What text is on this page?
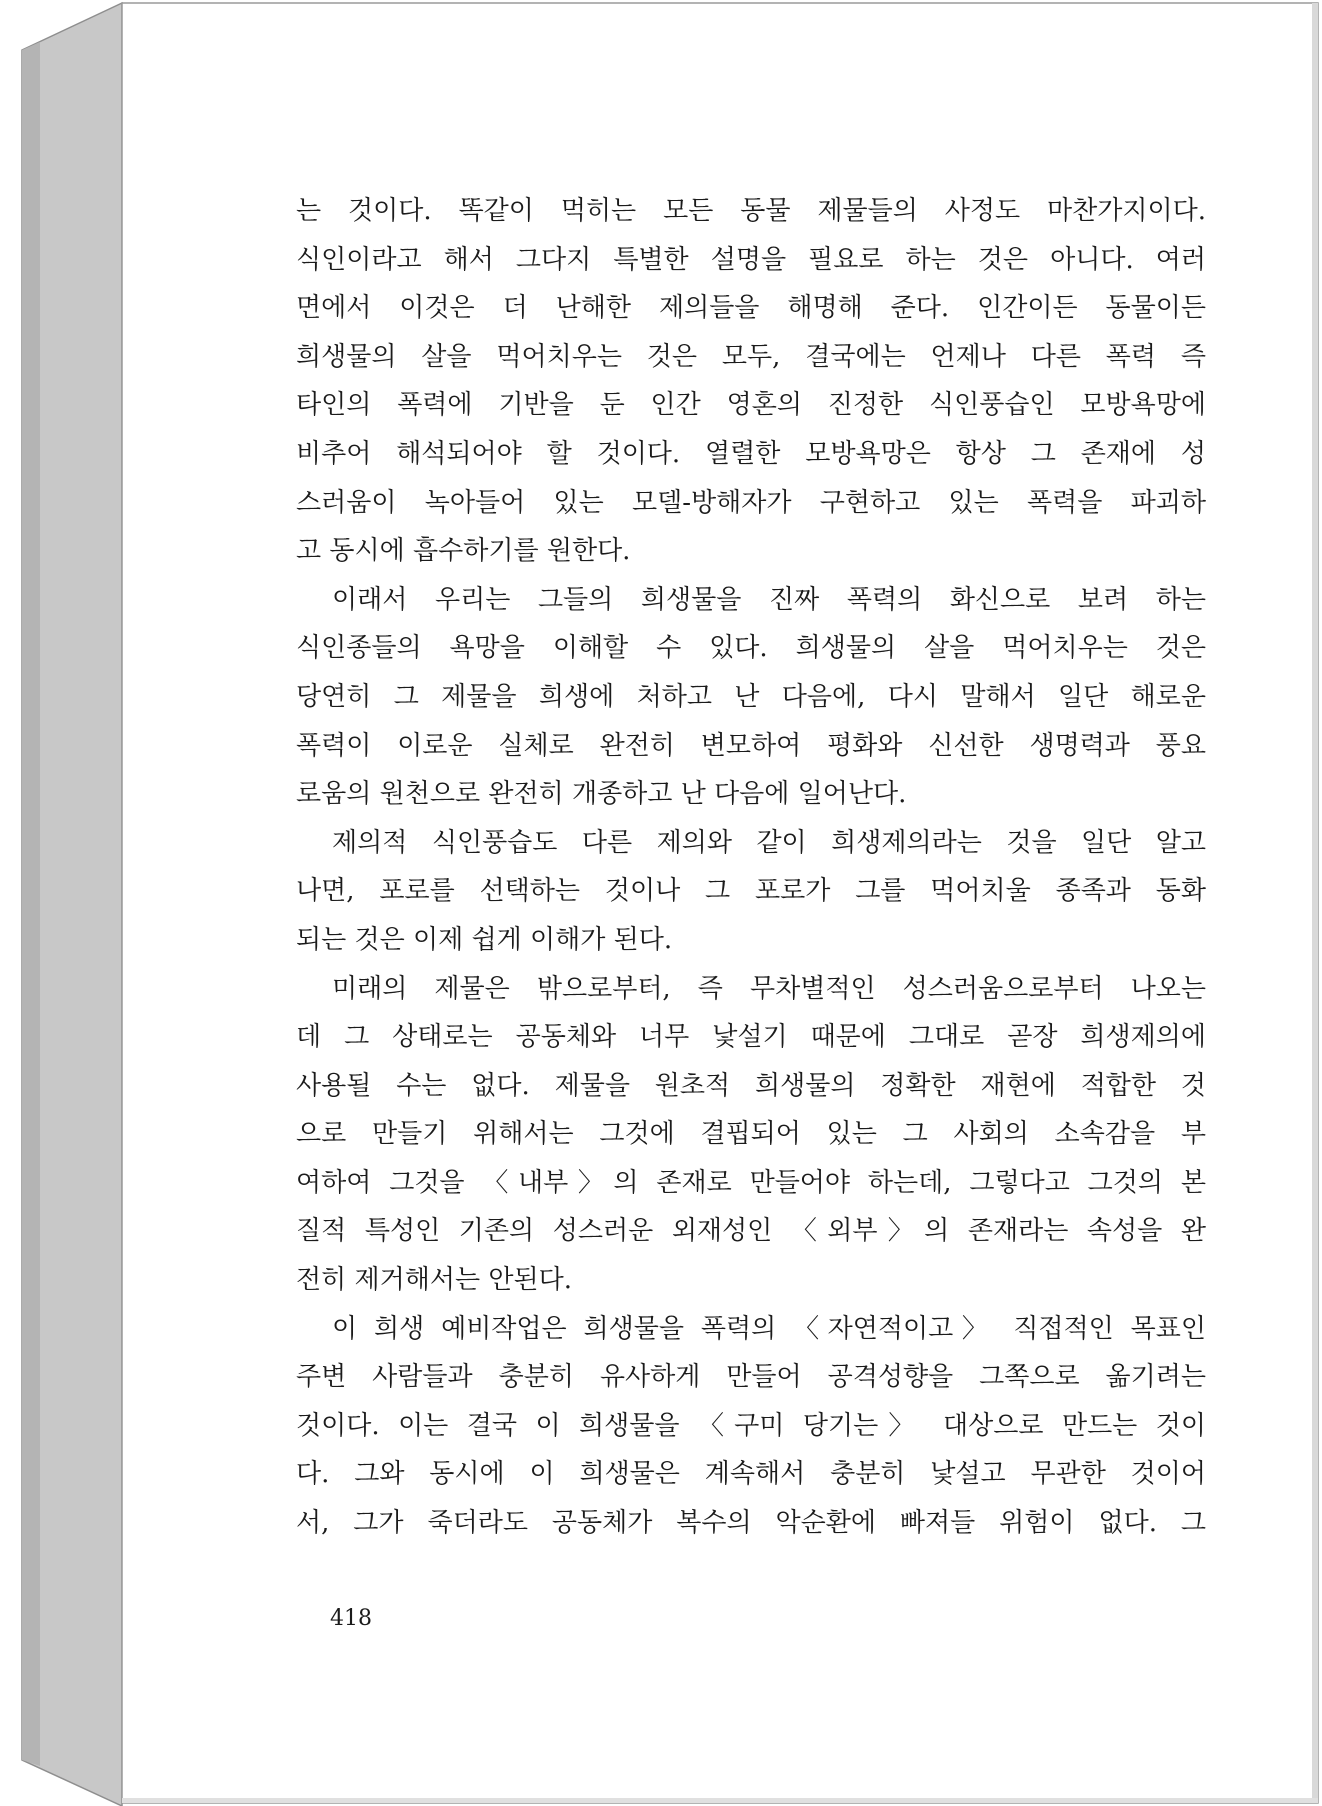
는 것이다. 똑같이 먹히는 모든 동물 제물들의 사정도 마찬가지이다.
식인이라고 해서 그다지 특별한 설명을 필요로 하는 것은 아니다. 여러
면에서 이것은 더 난해한 제의들을 해명해 준다. 인간이든 동물이든
희생물의 살을 먹어치우는 것은 모두, 결국에는 언제나 다른 폭력 즉
타인의 폭력에 기반을 둔 인간 영혼의 진정한 식인풍습인 모방욕망에
비추어 해석되어야 할 것이다. 열렬한 모방욕망은 항상 그 존재에 성
스러움이 녹아들어 있는 모델-방해자가 구현하고 있는 폭력을 파괴하
고 동시에 흡수하기를 원한다.
이래서 우리는 그들의 희생물을 진짜 폭력의 화신으로 보려 하는
식인종들의 욕망을 이해할 수 있다. 희생물의 살을 먹어치우는 것은
당연히 그 제물을 희생에 처하고 난 다음에, 다시 말해서 일단 해로운
폭력이 이로운 실체로 완전히 변모하여 평화와 신선한 생명력과 풍요
로움의 원천으로 완전히 개종하고 난 다음에 일어난다.
제의적 식인풍습도 다른 제의와 같이 희생제의라는 것을 일단 알고
나면, 포로를 선택하는 것이나 그 포로가 그를 먹어치울 종족과 동화
되는 것은 이제 쉽게 이해가 된다.
미래의 제물은 밖으로부터, 즉 무차별적인 성스러움으로부터 나오는
데 그 상태로는 공동체와 너무 낯설기 때문에 그대로 곧장 희생제의에
사용될 수는 없다. 제물을 원초적 희생물의 정확한 재현에 적합한 것
으로 만들기 위해서는 그것에 결핍되어 있는 그 사회의 소속감을 부
여하여 그것을 〈내부〉의 존재로 만들어야 하는데, 그렇다고 그것의 본
질적 특성인 기존의 성스러운 외재성인 〈외부〉의 존재라는 속성을 완
전히 제거해서는 안된다.
이 희생 예비작업은 희생물을 폭력의 〈자연적이고〉 직접적인 목표인
주변 사람들과 충분히 유사하게 만들어 공격성향을 그쪽으로 옮기려는
것이다. 이는 결국 이 희생물을 〈구미 당기는〉 대상으로 만드는 것이
다. 그와 동시에 이 희생물은 계속해서 충분히 낯설고 무관한 것이어
서, 그가 죽더라도 공동체가 복수의 악순환에 빠져들 위험이 없다. 그
418
